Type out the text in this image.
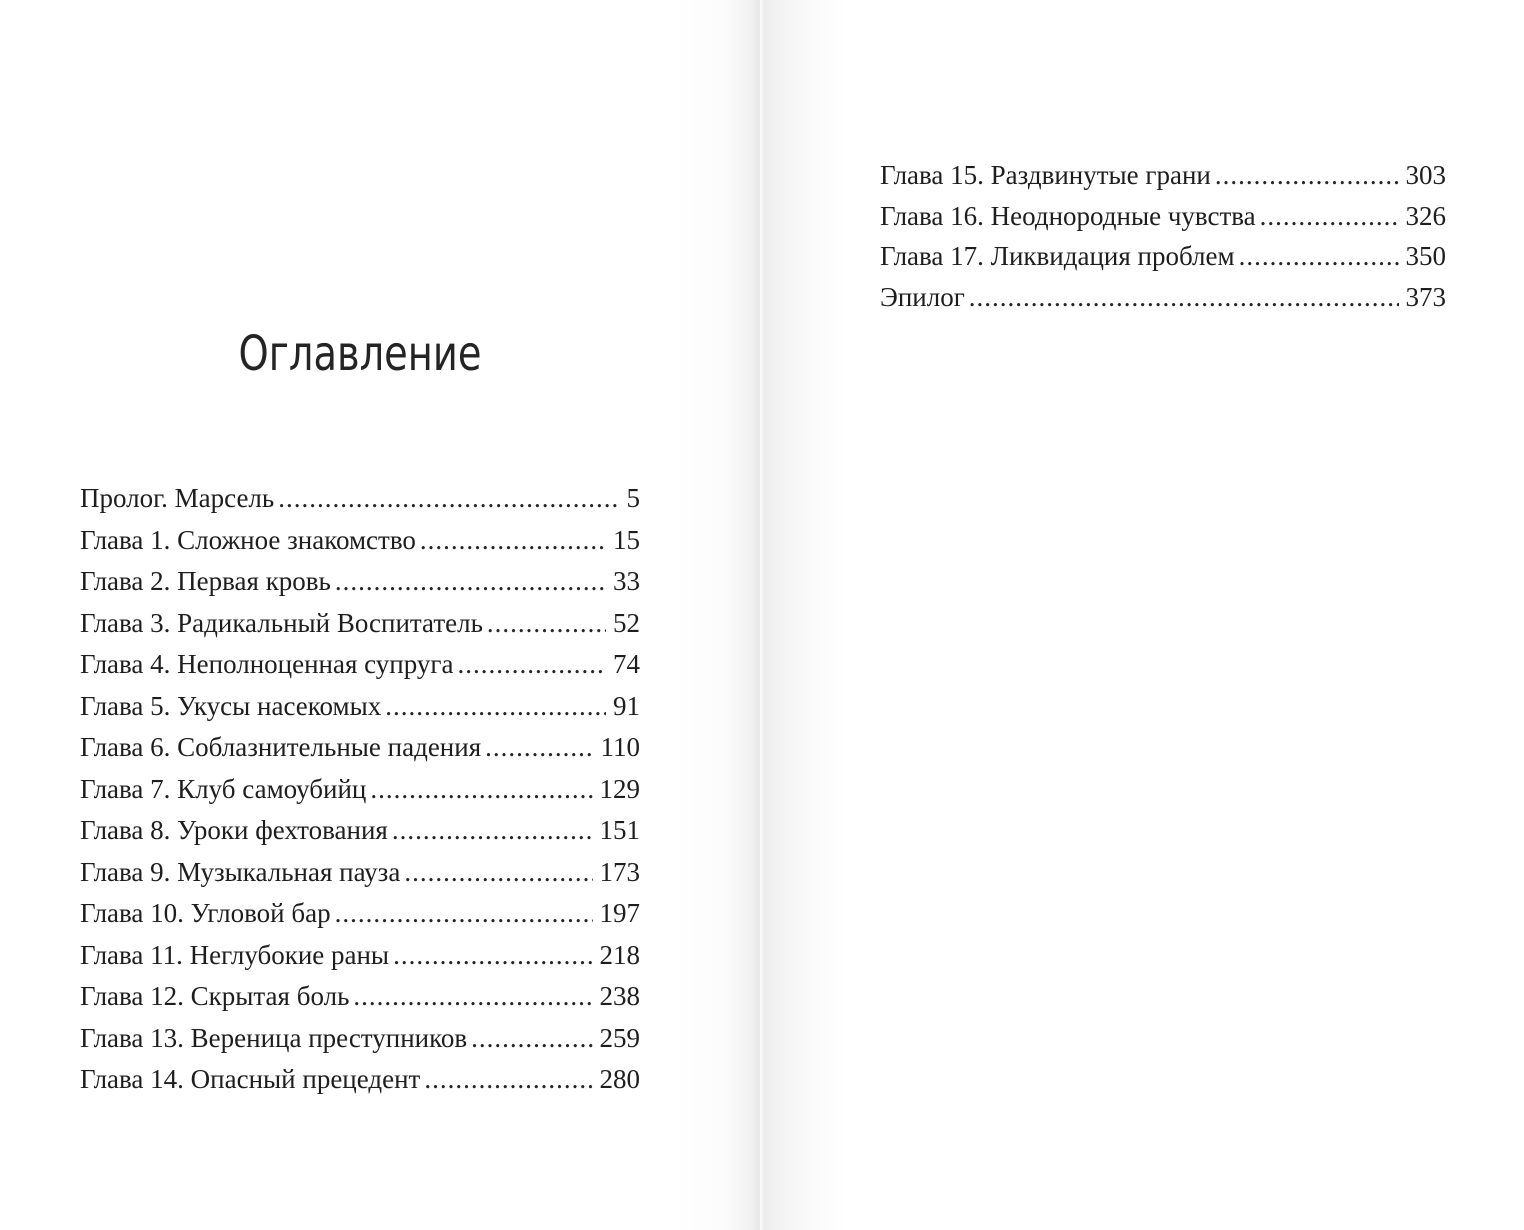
Оглавление
Пролог. Марсель .....	5
Глава 1. Сложное знакомство .....	15
Глава 2. Первая кровь .....	33
Глава 3. Радикальный Воспитатель .....	52
Глава 4. Неполноценная супруга .....	74
Глава 5. Укусы насекомых .....	91
Глава 6. Соблазнительные падения .....	110
Глава 7. Клуб самоубийц .....	129
Глава 8. Уроки фехтования .....	151
Глава 9. Музыкальная пауза .....	173
Глава 10. Угловой бар .....	197
Глава 11. Неглубокие раны .....	218
Глава 12. Скрытая боль .....	238
Глава 13. Вереница преступников .....	259
Глава 14. Опасный прецедент .....	280
Глава 15. Раздвинутые грани .....	303
Глава 16. Неоднородные чувства .....	326
Глава 17. Ликвидация проблем .....	350
Эпилог .....	373
